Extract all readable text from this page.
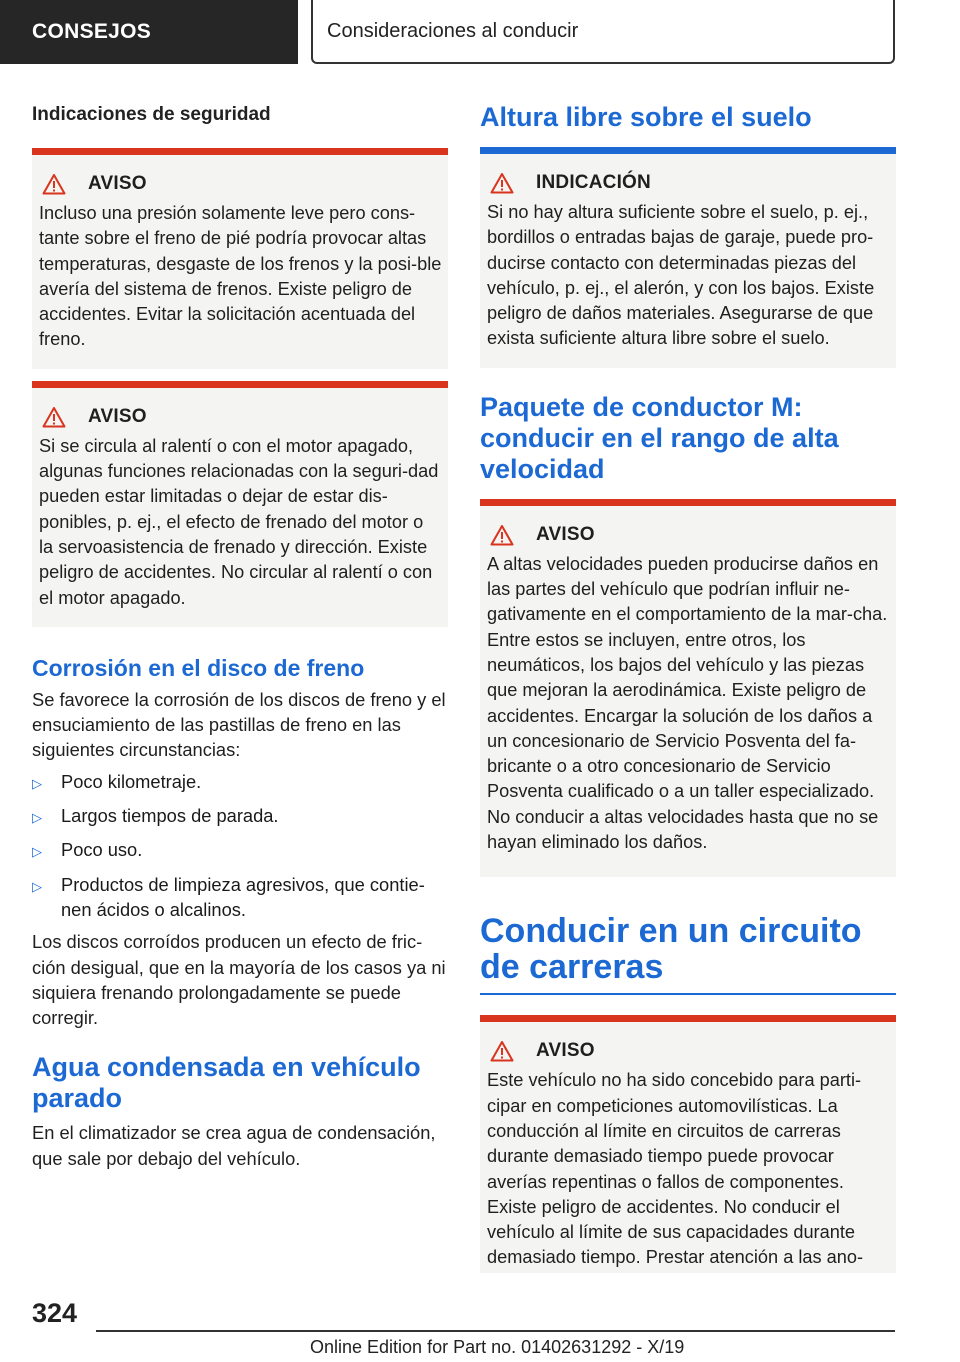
CONSEJOS	Consideraciones al conducir
Indicaciones de seguridad
AVISO

Incluso una presión solamente leve pero cons-tante sobre el freno de pié podría provocar altas temperaturas, desgaste de los frenos y la posi-ble avería del sistema de frenos. Existe peligro de accidentes. Evitar la solicitación acentuada del freno.

AVISO

Si se circula al ralentí o con el motor apagado, algunas funciones relacionadas con la seguri-dad pueden estar limitadas o dejar de estar dis-ponibles, p. ej., el efecto de frenado del motor o la servoasistencia de frenado y dirección. Existe peligro de accidentes. No circular al ralentí o con el motor apagado.

Corrosión en el disco de freno

Se favorece la corrosión de los discos de freno y el ensuciamiento de las pastillas de freno en las siguientes circunstancias:

▷	Poco kilometraje.
▷	Largos tiempos de parada.
▷	Poco uso.
▷	Productos de limpieza agresivos, que contie-nen ácidos o alcalinos.

Los discos corroídos producen un efecto de fric-ción desigual, que en la mayoría de los casos ya ni siquiera frenando prolongadamente se puede corregir.

Agua condensada en vehículo parado

En el climatizador se crea agua de condensación, que sale por debajo del vehículo.

Altura libre sobre el suelo
INDICACIÓN

Si no hay altura suficiente sobre el suelo, p. ej., bordillos o entradas bajas de garaje, puede pro-ducirse contacto con determinadas piezas del vehículo, p. ej., el alerón, y con los bajos. Existe peligro de daños materiales. Asegurarse de que exista suficiente altura libre sobre el suelo.

Paquete de conductor M: conducir en el rango de alta velocidad
AVISO

A altas velocidades pueden producirse daños en las partes del vehículo que podrían influir ne-gativamente en el comportamiento de la mar-cha. Entre estos se incluyen, entre otros, los neumáticos, los bajos del vehículo y las piezas que mejoran la aerodinámica. Existe peligro de accidentes. Encargar la solución de los daños a un concesionario de Servicio Posventa del fa-bricante o a otro concesionario de Servicio Posventa cualificado o a un taller especializado. No conducir a altas velocidades hasta que no se hayan eliminado los daños.

Conducir en un circuito de carreras
AVISO

Este vehículo no ha sido concebido para parti-cipar en competiciones automovilísticas. La conducción al límite en circuitos de carreras durante demasiado tiempo puede provocar averías repentinas o fallos de componentes. Existe peligro de accidentes. No conducir el vehículo al límite de sus capacidades durante demasiado tiempo. Prestar atención a las ano-

324
Online Edition for Part no. 01402631292 - X/19
